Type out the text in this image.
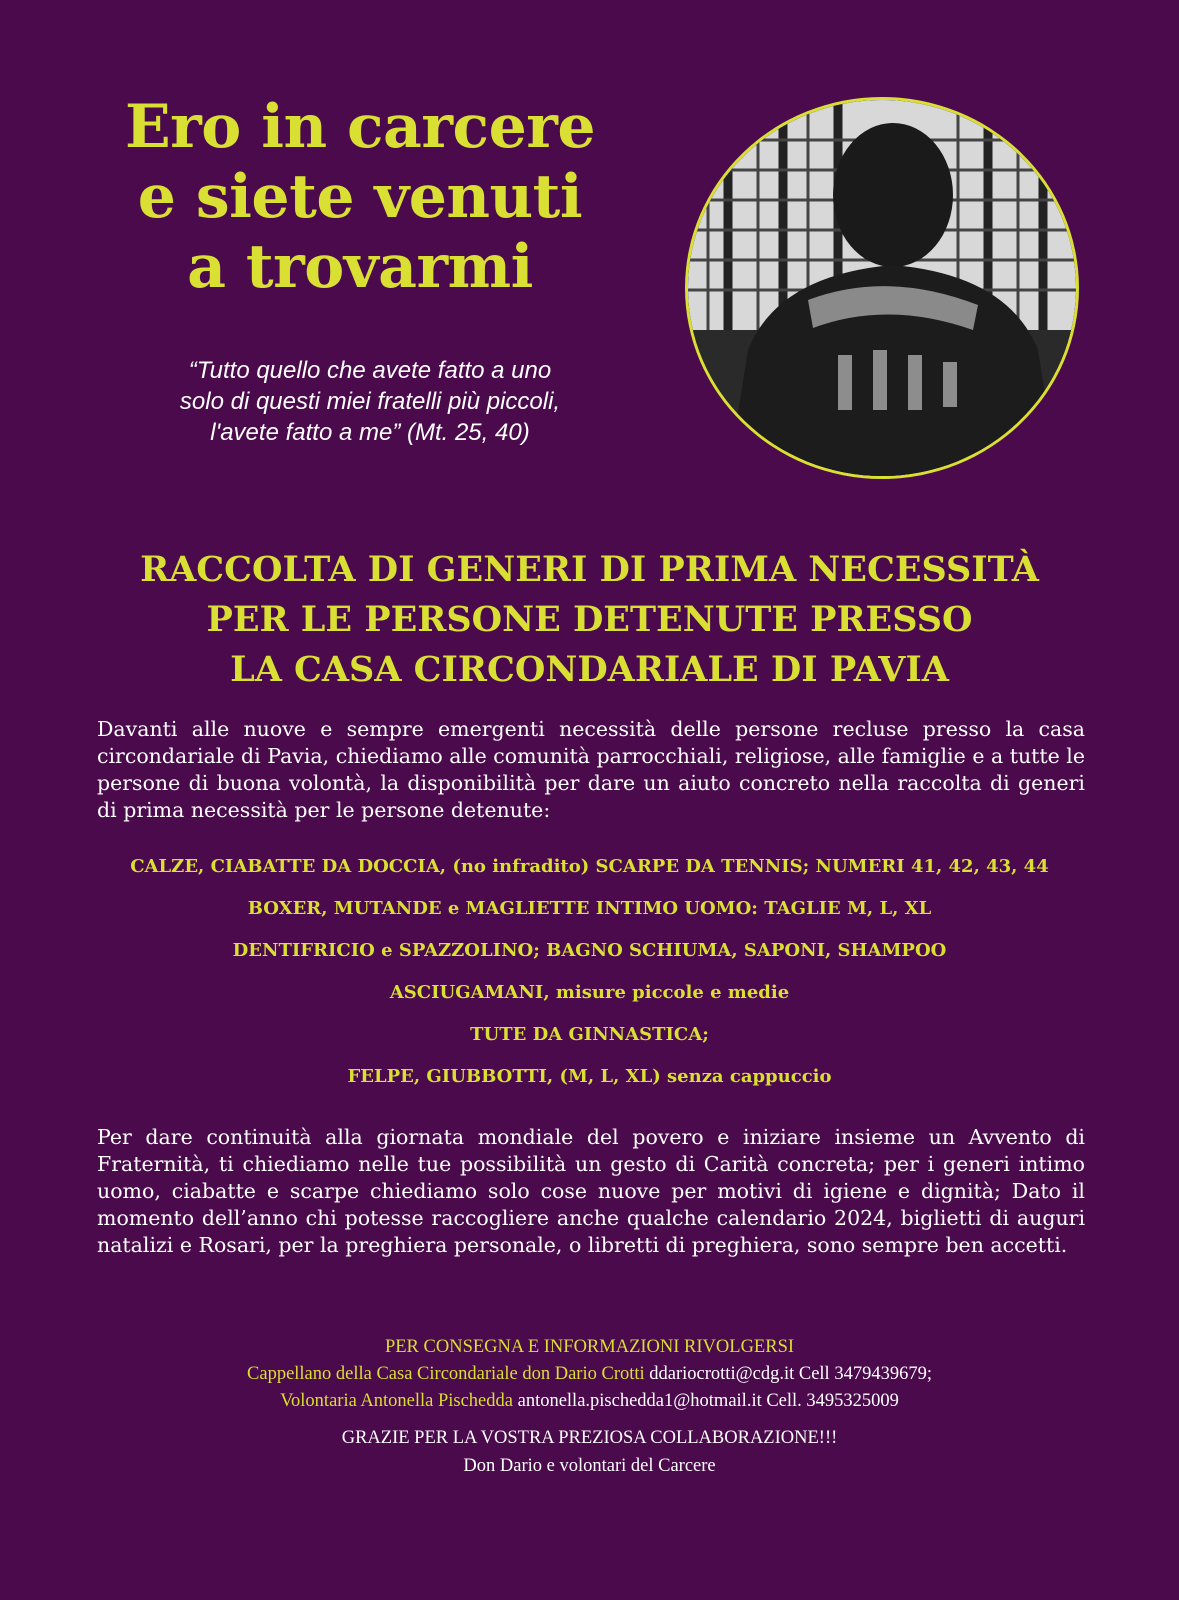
Ero in carcere
e siete venuti
a trovarmi
“Tutto quello che avete fatto a uno
solo di questi miei fratelli più piccoli,
l'avete fatto a me” (Mt. 25, 40)
RACCOLTA DI GENERI DI PRIMA NECESSITÀ
PER LE PERSONE DETENUTE PRESSO
LA CASA CIRCONDARIALE DI PAVIA
Davanti alle nuove e sempre emergenti necessità delle persone recluse presso la casa circondariale di Pavia, chiediamo alle comunità parrocchiali, religiose, alle famiglie e a tutte le persone di buona volontà, la disponibilità per dare un aiuto concreto nella raccolta di generi di prima necessità per le persone detenute:
CALZE, CIABATTE DA DOCCIA, (no infradito) SCARPE DA TENNIS; NUMERI 41, 42, 43, 44
BOXER, MUTANDE e MAGLIETTE INTIMO UOMO: TAGLIE M, L, XL
DENTIFRICIO e SPAZZOLINO; BAGNO SCHIUMA, SAPONI, SHAMPOO
ASCIUGAMANI, misure piccole e medie
TUTE DA GINNASTICA;
FELPE, GIUBBOTTI, (M, L, XL) senza cappuccio
Per dare continuità alla giornata mondiale del povero e iniziare insieme un Avvento di Fraternità, ti chiediamo nelle tue possibilità un gesto di Carità concreta; per i generi intimo uomo, ciabatte e scarpe chiediamo solo cose nuove per motivi di igiene e dignità; Dato il momento dell’anno chi potesse raccogliere anche qualche calendario 2024, biglietti di auguri natalizi e Rosari, per la preghiera personale, o libretti di preghiera, sono sempre ben accetti.
PER CONSEGNA E INFORMAZIONI RIVOLGERSI
Cappellano della Casa Circondariale don Dario Crotti ddariocrotti@cdg.it Cell 3479439679;
Volontaria Antonella Pischedda antonella.pischedda1@hotmail.it Cell. 3495325009
GRAZIE PER LA VOSTRA PREZIOSA COLLABORAZIONE!!!
Don Dario e volontari del Carcere
